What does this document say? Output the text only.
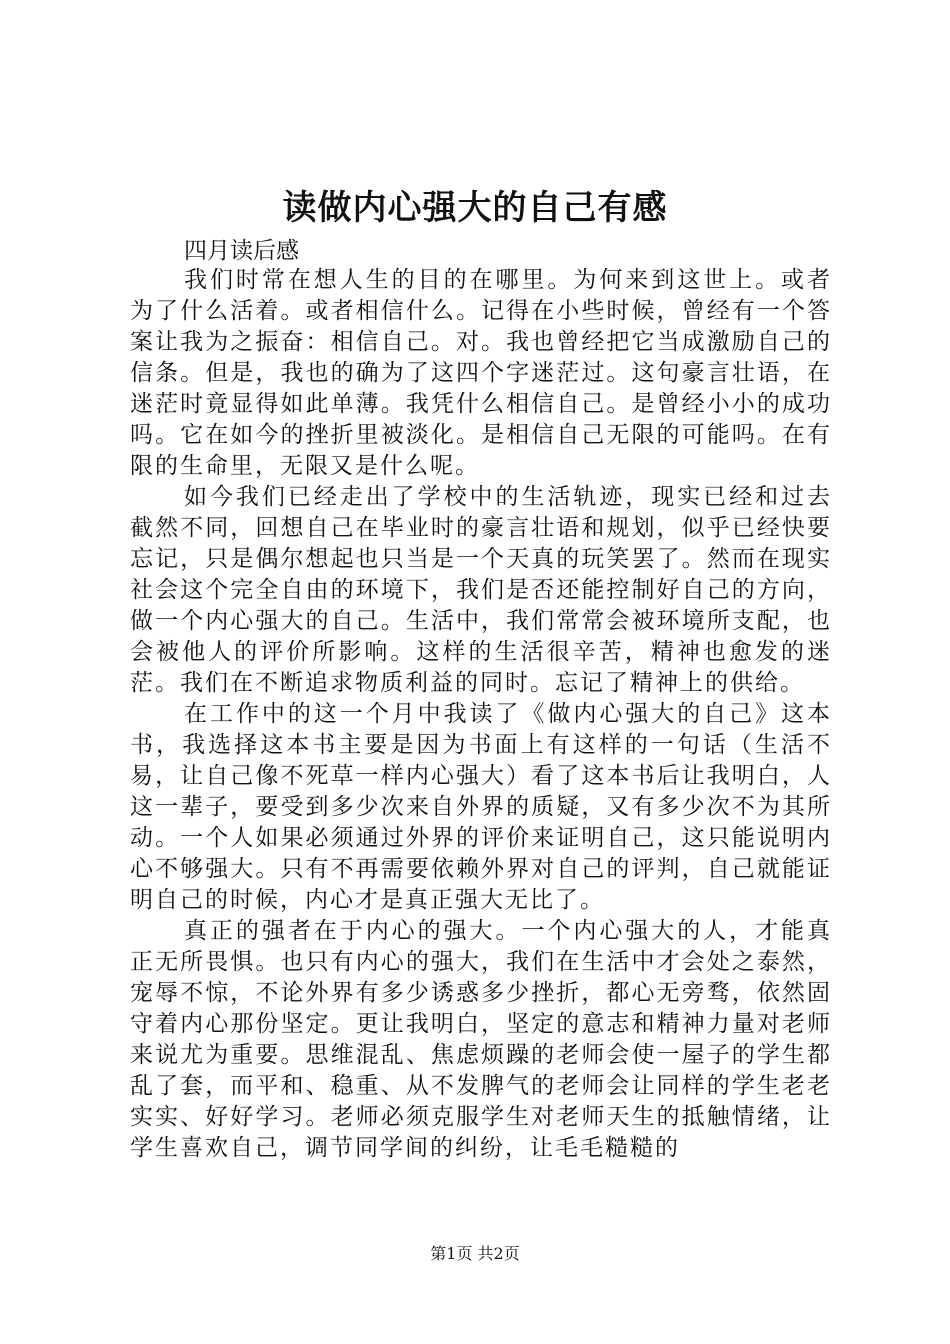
读做内心强大的自己有感

四月读后感

我们时常在想人生的目的在哪里。为何来到这世上。或者为了什么活着。或者相信什么。记得在小些时候，曾经有一个答案让我为之振奋：相信自己。对。我也曾经把它当成激励自己的信条。但是，我也的确为了这四个字迷茫过。这句豪言壮语，在迷茫时竟显得如此单薄。我凭什么相信自己。是曾经小小的成功吗。它在如今的挫折里被淡化。是相信自己无限的可能吗。在有限的生命里，无限又是什么呢。

如今我们已经走出了学校中的生活轨迹，现实已经和过去截然不同，回想自己在毕业时的豪言壮语和规划，似乎已经快要忘记，只是偶尔想起也只当是一个天真的玩笑罢了。然而在现实社会这个完全自由的环境下，我们是否还能控制好自己的方向，做一个内心强大的自己。生活中，我们常常会被环境所支配，也会被他人的评价所影响。这样的生活很辛苦，精神也愈发的迷茫。我们在不断追求物质利益的同时。忘记了精神上的供给。

在工作中的这一个月中我读了《做内心强大的自己》这本书，我选择这本书主要是因为书面上有这样的一句话（生活不易，让自己像不死草一样内心强大）看了这本书后让我明白，人这一辈子，要受到多少次来自外界的质疑，又有多少次不为其所动。一个人如果必须通过外界的评价来证明自己，这只能说明内心不够强大。只有不再需要依赖外界对自己的评判，自己就能证明自己的时候，内心才是真正强大无比了。

真正的强者在于内心的强大。一个内心强大的人，才能真正无所畏惧。也只有内心的强大，我们在生活中才会处之泰然，宠辱不惊，不论外界有多少诱惑多少挫折，都心无旁骛，依然固守着内心那份坚定。更让我明白，坚定的意志和精神力量对老师来说尤为重要。思维混乱、焦虑烦躁的老师会使一屋子的学生都乱了套，而平和、稳重、从不发脾气的老师会让同样的学生老老实实、好好学习。老师必须克服学生对老师天生的抵触情绪，让学生喜欢自己，调节同学间的纠纷，让毛毛糙糙的

第1页 共2页
